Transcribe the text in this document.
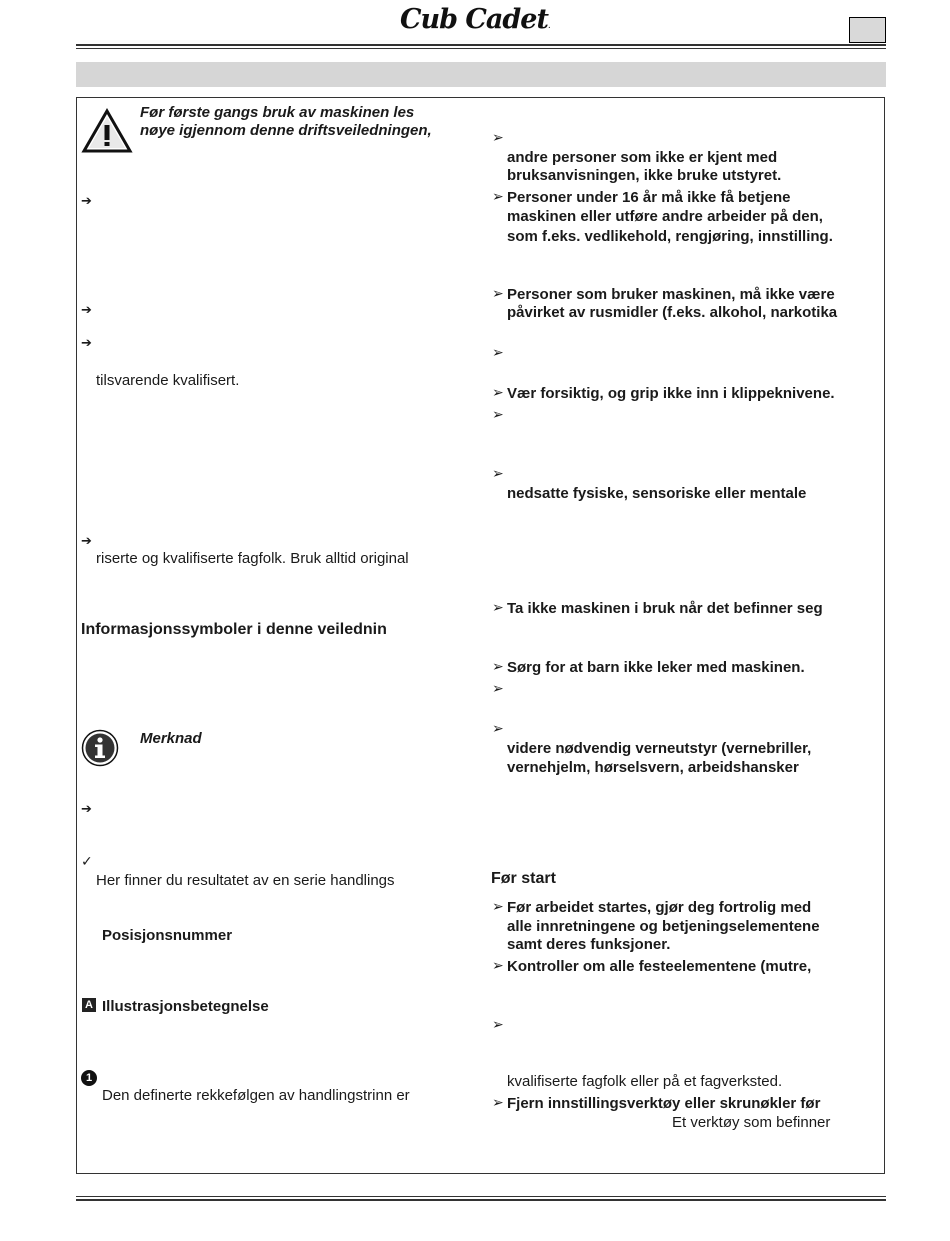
Cub Cadet.
Før første gangs bruk av maskinen les
nøye igjennom denne driftsveiledningen,
➔
➔
➔
tilsvarende kvalifisert.
➔
riserte og kvalifiserte fagfolk. Bruk alltid original
Informasjonssymboler i denne veilednin
Merknad
➔
✓
Her finner du resultatet av en serie handlings
Posisjonsnummer
A Illustrasjonsbetegnelse
1
Den definerte rekkefølgen av handlingstrinn er
➢
andre personer som ikke er kjent med
bruksanvisningen, ikke bruke utstyret.
➢ Personer under 16 år må ikke få betjene
maskinen eller utføre andre arbeider på den,
som f.eks. vedlikehold, rengjøring, innstilling.
➢ Personer som bruker maskinen, må ikke være
påvirket av rusmidler (f.eks. alkohol, narkotika
➢
➢ Vær forsiktig, og grip ikke inn i klippeknivene.
➢
➢
nedsatte fysiske, sensoriske eller mentale
➢ Ta ikke maskinen i bruk når det befinner seg
➢ Sørg for at barn ikke leker med maskinen.
➢
➢
videre nødvendig verneutstyr (vernebriller,
vernehjelm, hørselsvern, arbeidshansker
Før start
➢ Før arbeidet startes, gjør deg fortrolig med
alle innretningene og betjeningselementene
samt deres funksjoner.
➢ Kontroller om alle festeelementene (mutre,
➢
kvalifiserte fagfolk eller på et fagverksted.
➢ Fjern innstillingsverktøy eller skrunøkler før
Et verktøy som befinner
